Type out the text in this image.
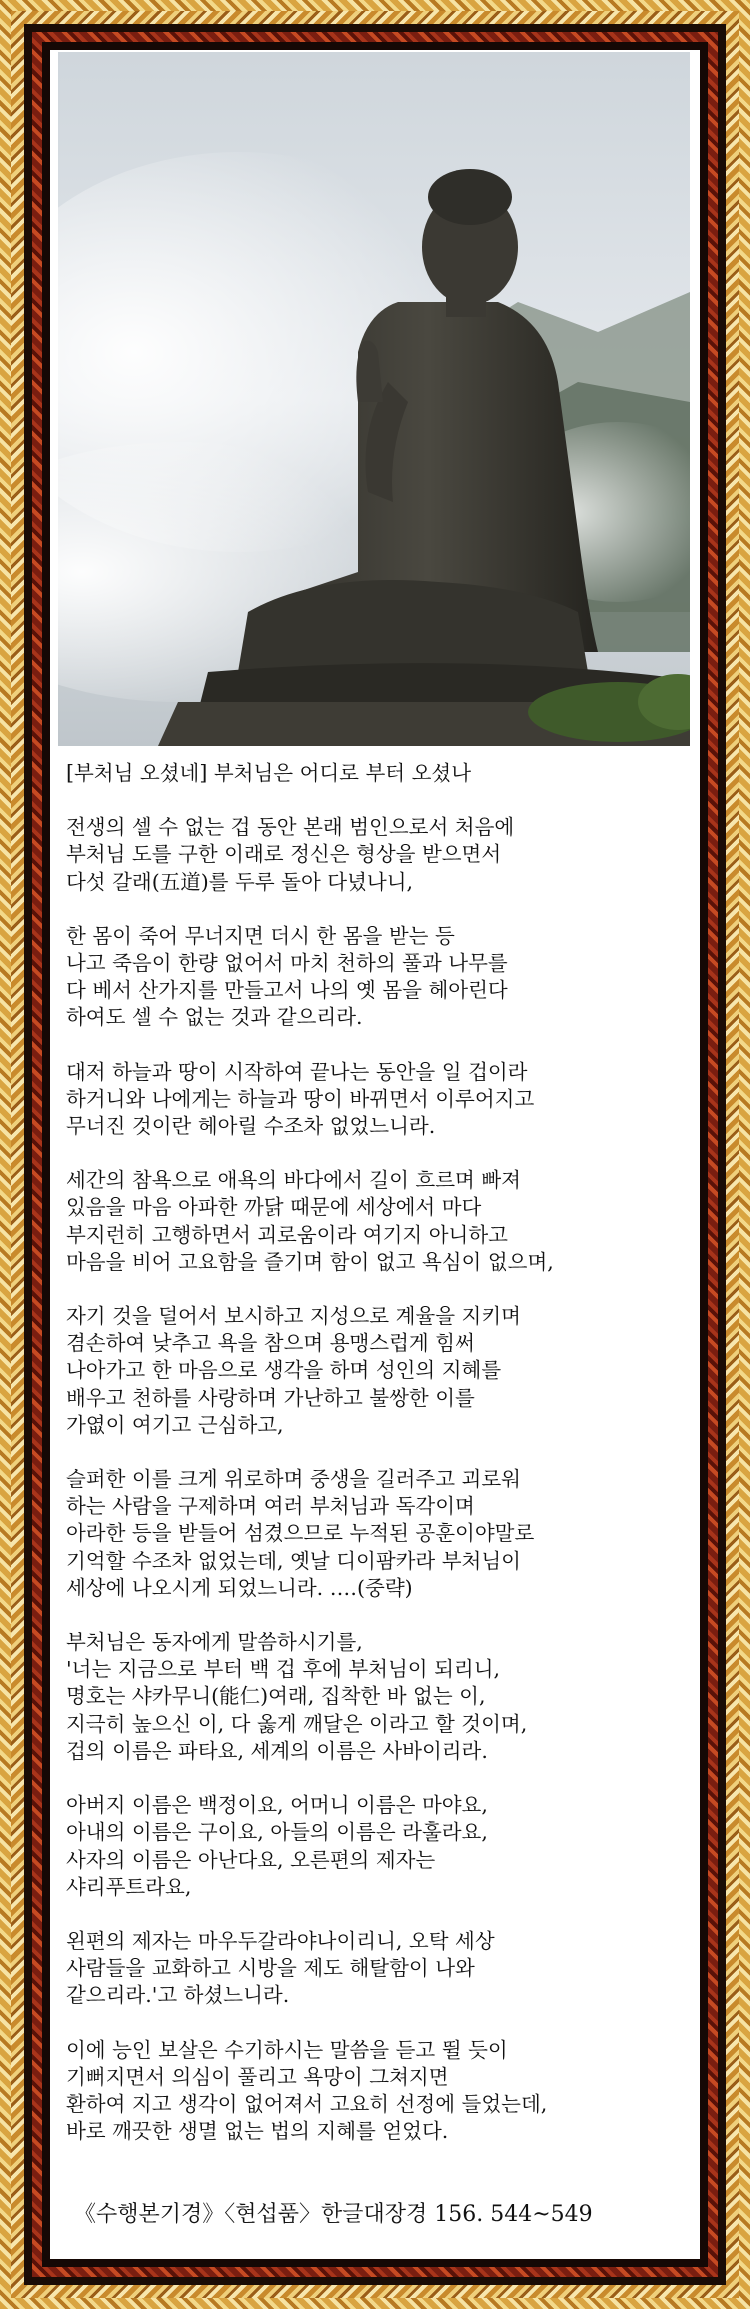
[부처님 오셨네] 부처님은 어디로 부터 오셨나
전생의 셀 수 없는 겁 동안 본래 범인으로서 처음에
부처님 도를 구한 이래로 정신은 형상을 받으면서
다섯 갈래(五道)를 두루 돌아 다녔나니,
한 몸이 죽어 무너지면 더시 한 몸을 받는 등
나고 죽음이 한량 없어서 마치 천하의 풀과 나무를
다 베서 산가지를 만들고서 나의 옛 몸을 헤아린다
하여도 셀 수 없는 것과 같으리라.
대저 하늘과 땅이 시작하여 끝나는 동안을 일 겁이라
하거니와 나에게는 하늘과 땅이 바뀌면서 이루어지고
무너진 것이란 헤아릴 수조차 없었느니라.
세간의 참욕으로 애욕의 바다에서 길이 흐르며 빠져
있음을 마음 아파한 까닭 때문에 세상에서 마다
부지런히 고행하면서 괴로움이라 여기지 아니하고
마음을 비어 고요함을 즐기며 함이 없고 욕심이 없으며,
자기 것을 덜어서 보시하고 지성으로 계율을 지키며
겸손하여 낮추고 욕을 참으며 용맹스럽게 힘써
나아가고 한 마음으로 생각을 하며 성인의 지혜를
배우고 천하를 사랑하며 가난하고 불쌍한 이를
가엾이 여기고 근심하고,
슬퍼한 이를 크게 위로하며 중생을 길러주고 괴로워
하는 사람을 구제하며 여러 부처님과 독각이며
아라한 등을 받들어 섬겼으므로 누적된 공훈이야말로
기억할 수조차 없었는데, 옛날 디이팜카라 부처님이
세상에 나오시게 되었느니라. ‥‥(중략)
부처님은 동자에게 말씀하시기를,
'너는 지금으로 부터 백 겁 후에 부처님이 되리니,
명호는 샤카무니(能仁)여래, 집착한 바 없는 이,
지극히 높으신 이, 다 옳게 깨달은 이라고 할 것이며,
겁의 이름은 파타요, 세계의 이름은 사바이리라.
아버지 이름은 백정이요, 어머니 이름은 마야요,
아내의 이름은 구이요, 아들의 이름은 라훌라요,
사자의 이름은 아난다요, 오른편의 제자는
샤리푸트라요,
왼편의 제자는 마우두갈라야나이리니, 오탁 세상
사람들을 교화하고 시방을 제도 해탈함이 나와
같으리라.'고 하셨느니라.
이에 능인 보살은 수기하시는 말씀을 듣고 뛸 듯이
기뻐지면서 의심이 풀리고 욕망이 그쳐지면
환하여 지고 생각이 없어져서 고요히 선정에 들었는데,
바로 깨끗한 생멸 없는 법의 지혜를 얻었다.
《수행본기경》〈현섭품〉한글대장경 156. 544~549
